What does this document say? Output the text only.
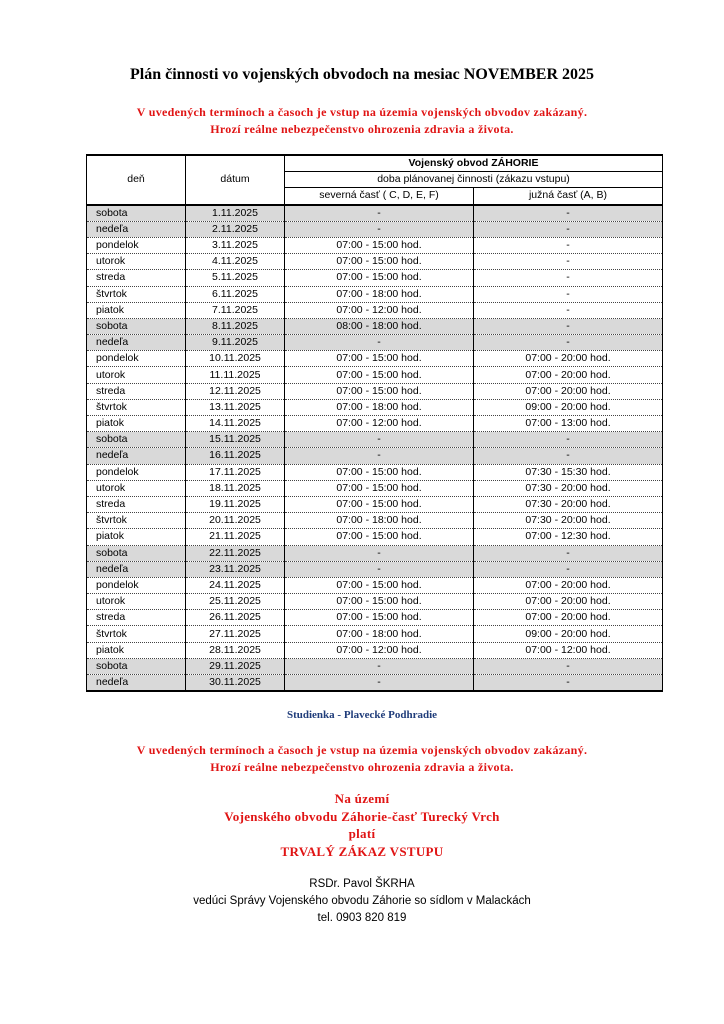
Plán činnosti vo vojenských obvodoch na mesiac NOVEMBER 2025
V uvedených termínoch a časoch je vstup na územia vojenských obvodov zakázaný.
Hrozí reálne nebezpečenstvo ohrozenia zdravia a života.
deň	dátum	Vojenský obvod ZÁHORIE	
		doba plánovanej činnosti (zákazu vstupu)	
		severná časť ( C, D, E, F)	južná časť (A, B)
sobota	1.11.2025	-	-
nedeľa	2.11.2025	-	-
pondelok	3.11.2025	07:00 - 15:00 hod.	-
utorok	4.11.2025	07:00 - 15:00 hod.	-
streda	5.11.2025	07:00 - 15:00 hod.	-
štvrtok	6.11.2025	07:00 - 18:00 hod.	-
piatok	7.11.2025	07:00 - 12:00 hod.	-
sobota	8.11.2025	08:00 - 18:00 hod.	-
nedeľa	9.11.2025	-	-
pondelok	10.11.2025	07:00 - 15:00 hod.	07:00 - 20:00 hod.
utorok	11.11.2025	07:00 - 15:00 hod.	07:00 - 20:00 hod.
streda	12.11.2025	07:00 - 15:00 hod.	07:00 - 20:00 hod.
štvrtok	13.11.2025	07:00 - 18:00 hod.	09:00 - 20:00 hod.
piatok	14.11.2025	07:00 - 12:00 hod.	07:00 - 13:00 hod.
sobota	15.11.2025	-	-
nedeľa	16.11.2025	-	-
pondelok	17.11.2025	07:00 - 15:00 hod.	07:30 - 15:30 hod.
utorok	18.11.2025	07:00 - 15:00 hod.	07:30 - 20:00 hod.
streda	19.11.2025	07:00 - 15:00 hod.	07:30 - 20:00 hod.
štvrtok	20.11.2025	07:00 - 18:00 hod.	07:30 - 20:00 hod.
piatok	21.11.2025	07:00 - 15:00 hod.	07:00 - 12:30 hod.
sobota	22.11.2025	-	-
nedeľa	23.11.2025	-	-
pondelok	24.11.2025	07:00 - 15:00 hod.	07:00 - 20:00 hod.
utorok	25.11.2025	07:00 - 15:00 hod.	07:00 - 20:00 hod.
streda	26.11.2025	07:00 - 15:00 hod.	07:00 - 20:00 hod.
štvrtok	27.11.2025	07:00 - 18:00 hod.	09:00 - 20:00 hod.
piatok	28.11.2025	07:00 - 12:00 hod.	07:00 - 12:00 hod.
sobota	29.11.2025	-	-
nedeľa	30.11.2025	-	-
Studienka - Plavecké Podhradie
V uvedených termínoch a časoch je vstup na územia vojenských obvodov zakázaný.
Hrozí reálne nebezpečenstvo ohrozenia zdravia a života.
Na území
Vojenského obvodu Záhorie-časť Turecký Vrch
platí
TRVALÝ ZÁKAZ VSTUPU
RSDr. Pavol ŠKRHA
vedúci Správy Vojenského obvodu Záhorie so sídlom v Malackách
tel. 0903 820 819
